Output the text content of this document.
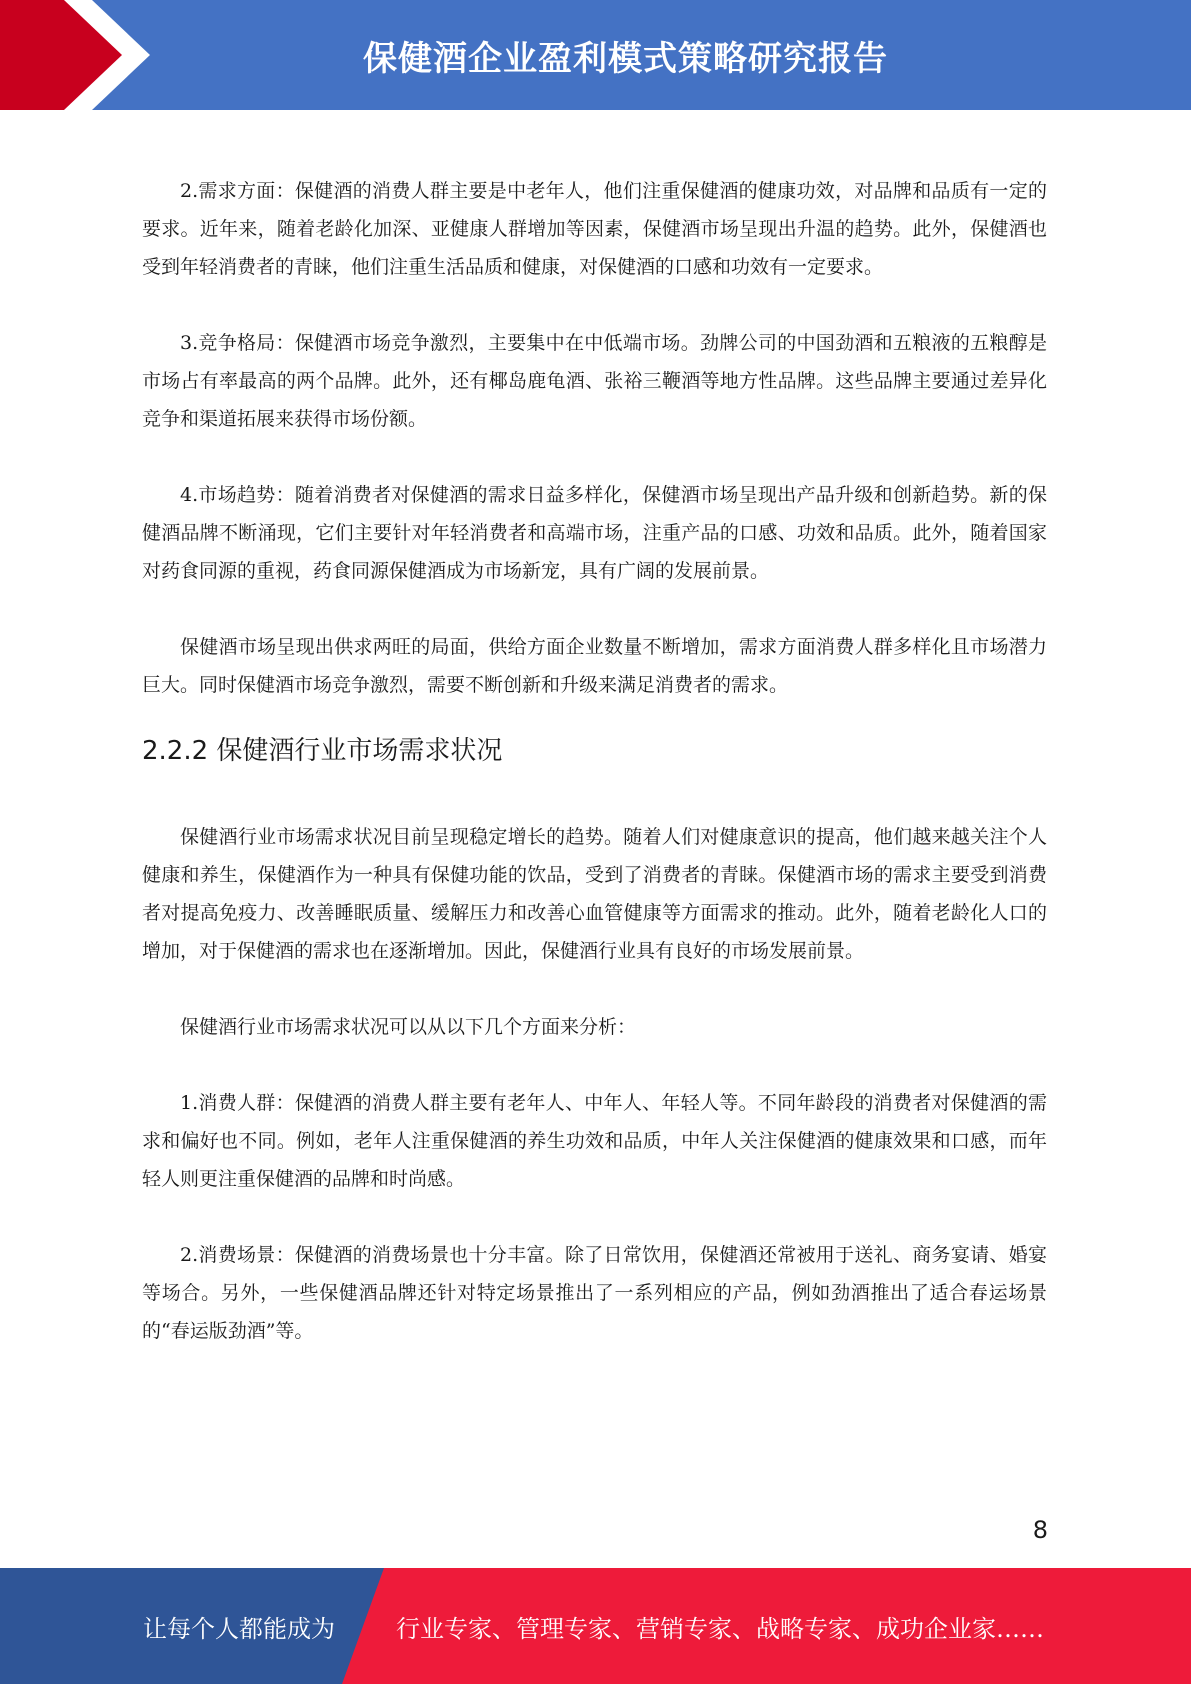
保健酒企业盈利模式策略研究报告

2.需求方面：保健酒的消费人群主要是中老年人，他们注重保健酒的健康功效，对品牌和品质有一定的要求。近年来，随着老龄化加深、亚健康人群增加等因素，保健酒市场呈现出升温的趋势。此外，保健酒也受到年轻消费者的青睐，他们注重生活品质和健康，对保健酒的口感和功效有一定要求。

3.竞争格局：保健酒市场竞争激烈，主要集中在中低端市场。劲牌公司的中国劲酒和五粮液的五粮醇是市场占有率最高的两个品牌。此外，还有椰岛鹿龟酒、张裕三鞭酒等地方性品牌。这些品牌主要通过差异化竞争和渠道拓展来获得市场份额。

4.市场趋势：随着消费者对保健酒的需求日益多样化，保健酒市场呈现出产品升级和创新趋势。新的保健酒品牌不断涌现，它们主要针对年轻消费者和高端市场，注重产品的口感、功效和品质。此外，随着国家对药食同源的重视，药食同源保健酒成为市场新宠，具有广阔的发展前景。

保健酒市场呈现出供求两旺的局面，供给方面企业数量不断增加，需求方面消费人群多样化且市场潜力巨大。同时保健酒市场竞争激烈，需要不断创新和升级来满足消费者的需求。

2.2.2 保健酒行业市场需求状况

保健酒行业市场需求状况目前呈现稳定增长的趋势。随着人们对健康意识的提高，他们越来越关注个人健康和养生，保健酒作为一种具有保健功能的饮品，受到了消费者的青睐。保健酒市场的需求主要受到消费者对提高免疫力、改善睡眠质量、缓解压力和改善心血管健康等方面需求的推动。此外，随着老龄化人口的增加，对于保健酒的需求也在逐渐增加。因此，保健酒行业具有良好的市场发展前景。

保健酒行业市场需求状况可以从以下几个方面来分析：

1.消费人群：保健酒的消费人群主要有老年人、中年人、年轻人等。不同年龄段的消费者对保健酒的需求和偏好也不同。例如，老年人注重保健酒的养生功效和品质，中年人关注保健酒的健康效果和口感，而年轻人则更注重保健酒的品牌和时尚感。

2.消费场景：保健酒的消费场景也十分丰富。除了日常饮用，保健酒还常被用于送礼、商务宴请、婚宴等场合。另外，一些保健酒品牌还针对特定场景推出了一系列相应的产品，例如劲酒推出了适合春运场景的“春运版劲酒”等。

8
让每个人都能成为	行业专家、管理专家、营销专家、战略专家、成功企业家……
